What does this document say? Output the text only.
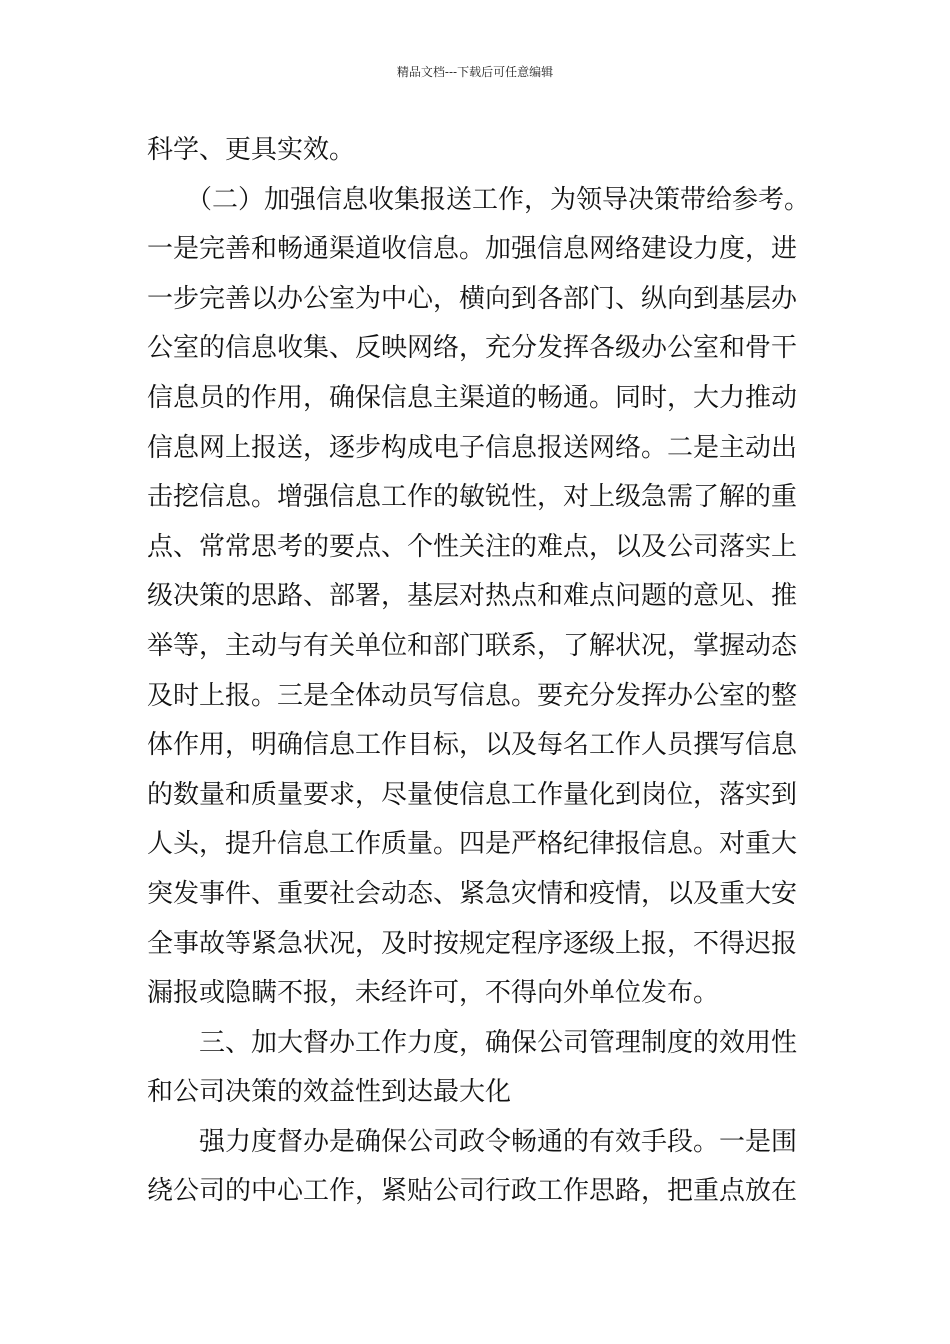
精品文档---下载后可任意编辑
科学、更具实效。
　　（二）加强信息收集报送工作，为领导决策带给参考。
一是完善和畅通渠道收信息。加强信息网络建设力度，进
一步完善以办公室为中心，横向到各部门、纵向到基层办
公室的信息收集、反映网络，充分发挥各级办公室和骨干
信息员的作用，确保信息主渠道的畅通。同时，大力推动
信息网上报送，逐步构成电子信息报送网络。二是主动出
击挖信息。增强信息工作的敏锐性，对上级急需了解的重
点、常常思考的要点、个性关注的难点，以及公司落实上
级决策的思路、部署，基层对热点和难点问题的意见、推
举等，主动与有关单位和部门联系，了解状况，掌握动态
及时上报。三是全体动员写信息。要充分发挥办公室的整
体作用，明确信息工作目标，以及每名工作人员撰写信息
的数量和质量要求，尽量使信息工作量化到岗位，落实到
人头，提升信息工作质量。四是严格纪律报信息。对重大
突发事件、重要社会动态、紧急灾情和疫情，以及重大安
全事故等紧急状况，及时按规定程序逐级上报，不得迟报
漏报或隐瞒不报，未经许可，不得向外单位发布。
　　三、加大督办工作力度，确保公司管理制度的效用性
和公司决策的效益性到达最大化
　　强力度督办是确保公司政令畅通的有效手段。一是围
绕公司的中心工作，紧贴公司行政工作思路，把重点放在
